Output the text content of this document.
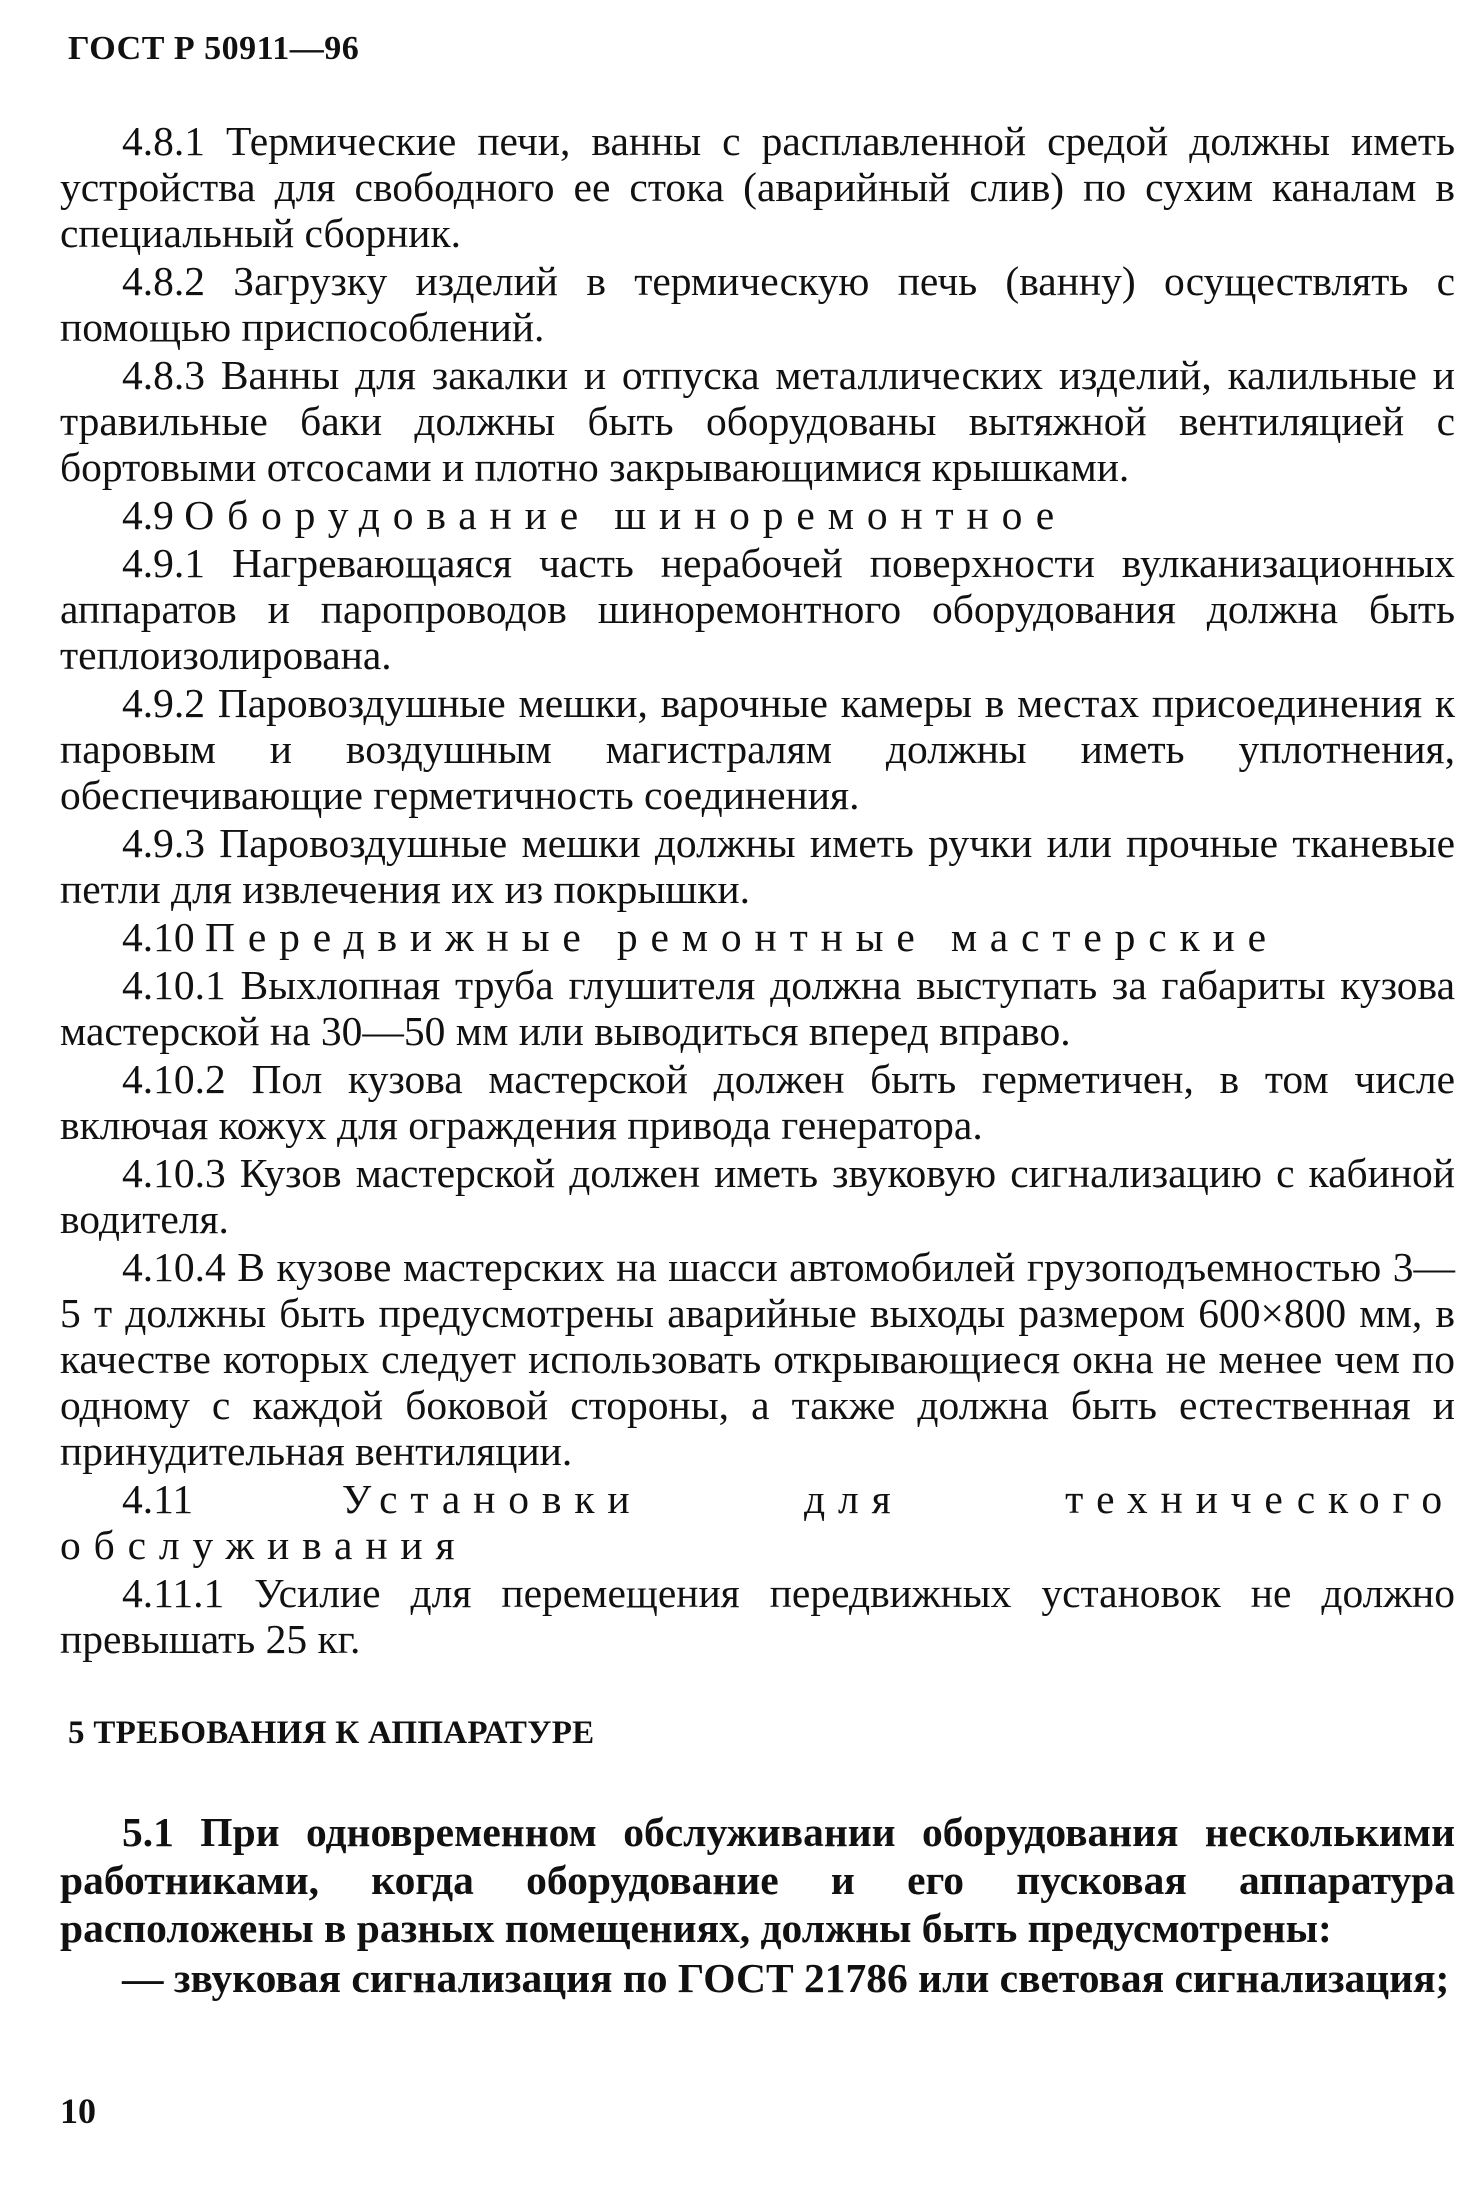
ГОСТ Р 50911—96

4.8.1 Термические печи, ванны с расплавленной средой должны иметь устройства для свободного ее стока (аварийный слив) по сухим каналам в специальный сборник.

4.8.2 Загрузку изделий в термическую печь (ванну) осуществлять с помощью приспособлений.

4.8.3 Ванны для закалки и отпуска металлических изделий, калильные и травильные баки должны быть оборудованы вытяжной вентиляцией с бортовыми отсосами и плотно закрывающимися крышками.

4.9 Оборудование шиноремонтное

4.9.1 Нагревающаяся часть нерабочей поверхности вулканизационных аппаратов и паропроводов шиноремонтного оборудования должна быть теплоизолирована.

4.9.2 Паровоздушные мешки, варочные камеры в местах присоединения к паровым и воздушным магистралям должны иметь уплотнения, обеспечивающие герметичность соединения.

4.9.3 Паровоздушные мешки должны иметь ручки или прочные тканевые петли для извлечения их из покрышки.

4.10 Передвижные ремонтные мастерские

4.10.1 Выхлопная труба глушителя должна выступать за габариты кузова мастерской на 30—50 мм или выводиться вперед вправо.

4.10.2 Пол кузова мастерской должен быть герметичен, в том числе включая кожух для ограждения привода генератора.

4.10.3 Кузов мастерской должен иметь звуковую сигнализацию с кабиной водителя.

4.10.4 В кузове мастерских на шасси автомобилей грузоподъемностью 3—5 т должны быть предусмотрены аварийные выходы размером 600×800 мм, в качестве которых следует использовать открывающиеся окна не менее чем по одному с каждой боковой стороны, а также должна быть естественная и принудительная вентиляции.

4.11	Установки для технического обслуживания

4.11.1 Усилие для перемещения передвижных установок не должно превышать 25 кг.

5 ТРЕБОВАНИЯ К АППАРАТУРЕ

5.1 При одновременном обслуживании оборудования несколькими работниками, когда оборудование и его пусковая аппаратура расположены в разных помещениях, должны быть предусмотрены:

— звуковая сигнализация по ГОСТ 21786 или световая сигнализация;

10
